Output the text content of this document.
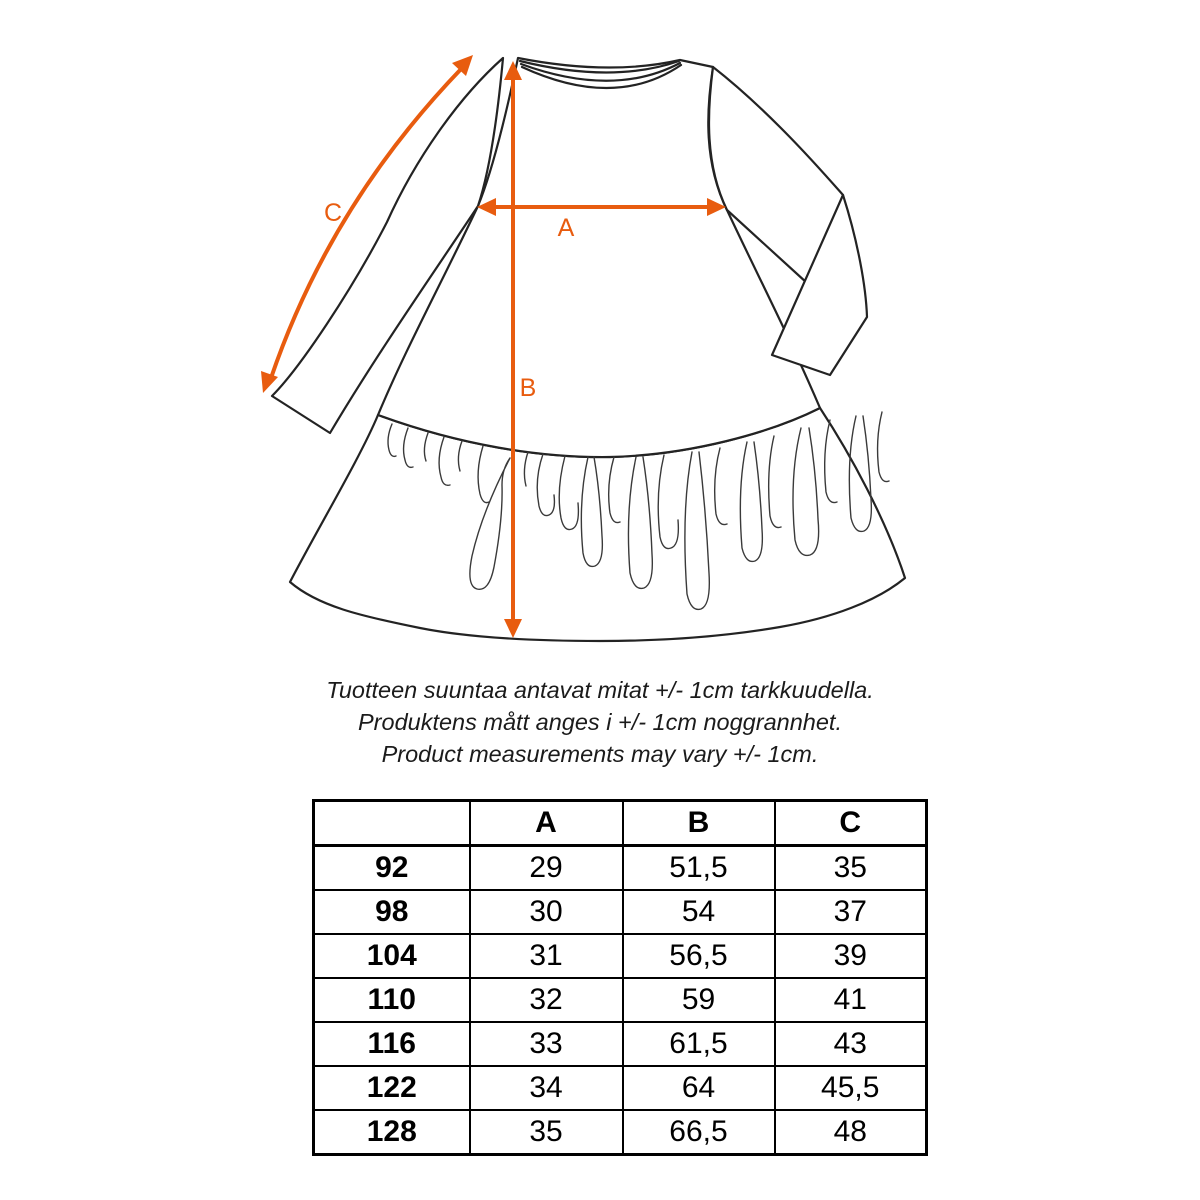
C
A
B
Tuotteen suuntaa antavat mitat +/- 1cm tarkkuudella.
Produktens mått anges i +/- 1cm noggrannhet.
Product measurements may vary +/- 1cm.
	A	B	C
92	29	51,5	35
98	30	54	37
104	31	56,5	39
110	32	59	41
116	33	61,5	43
122	34	64	45,5
128	35	66,5	48
